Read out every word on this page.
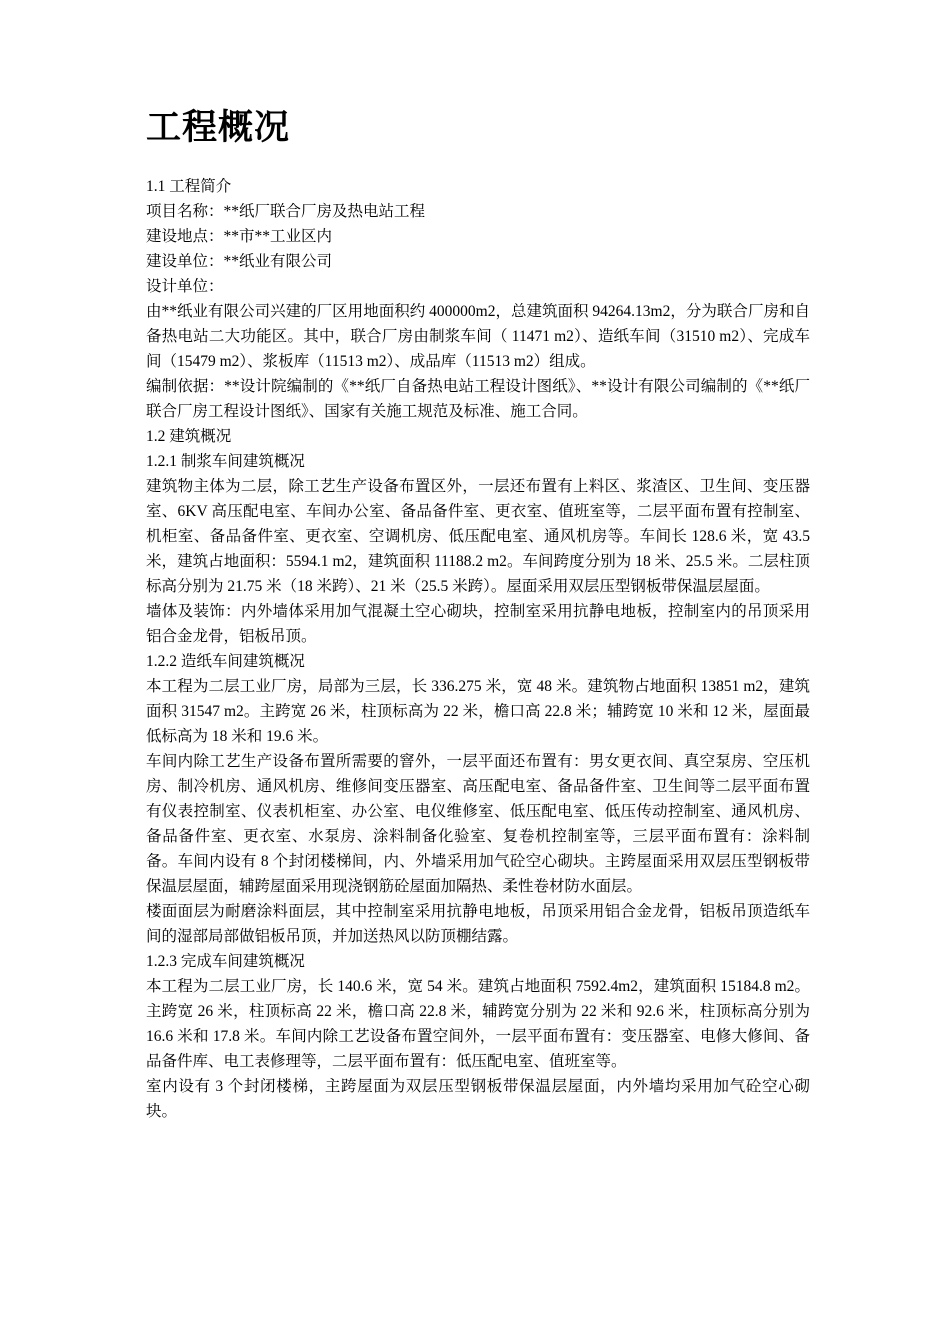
工程概况

1.1 工程简介

项目名称：**纸厂联合厂房及热电站工程

建设地点：**市**工业区内

建设单位：**纸业有限公司

设计单位：

由**纸业有限公司兴建的厂区用地面积约 400000m2，总建筑面积 94264.13m2，分为联合厂房和自备热电站二大功能区。其中，联合厂房由制浆车间（ 11471 m2）、造纸车间（31510 m2）、完成车间（15479 m2）、浆板库（11513 m2）、成品库（11513 m2）组成。

编制依据：**设计院编制的《**纸厂自备热电站工程设计图纸》、**设计有限公司编制的《**纸厂联合厂房工程设计图纸》、国家有关施工规范及标准、施工合同。

1.2 建筑概况

1.2.1 制浆车间建筑概况

建筑物主体为二层，除工艺生产设备布置区外，一层还布置有上料区、浆渣区、卫生间、变压器室、6KV 高压配电室、车间办公室、备品备件室、更衣室、值班室等，二层平面布置有控制室、机柜室、备品备件室、更衣室、空调机房、低压配电室、通风机房等。车间长 128.6 米，宽 43.5 米，建筑占地面积：5594.1 m2，建筑面积 11188.2 m2。车间跨度分别为 18 米、25.5 米。二层柱顶标高分别为 21.75 米（18 米跨）、21 米（25.5 米跨）。屋面采用双层压型钢板带保温层屋面。

墙体及装饰：内外墙体采用加气混凝土空心砌块，控制室采用抗静电地板，控制室内的吊顶采用铝合金龙骨，铝板吊顶。

1.2.2 造纸车间建筑概况

本工程为二层工业厂房，局部为三层，长 336.275 米，宽 48 米。建筑物占地面积 13851 m2，建筑面积 31547 m2。主跨宽 26 米，柱顶标高为 22 米，檐口高 22.8 米；辅跨宽 10 米和 12 米，屋面最低标高为 18 米和 19.6 米。

车间内除工艺生产设备布置所需要的窨外，一层平面还布置有：男女更衣间、真空泵房、空压机房、制冷机房、通风机房、维修间变压器室、高压配电室、备品备件室、卫生间等二层平面布置有仪表控制室、仪表机柜室、办公室、电仪维修室、低压配电室、低压传动控制室、通风机房、备品备件室、更衣室、水泵房、涂料制备化验室、复卷机控制室等，三层平面布置有：涂料制备。车间内设有 8 个封闭楼梯间，内、外墙采用加气砼空心砌块。主跨屋面采用双层压型钢板带保温层屋面，辅跨屋面采用现浇钢筋砼屋面加隔热、柔性卷材防水面层。

楼面面层为耐磨涂料面层，其中控制室采用抗静电地板，吊顶采用铝合金龙骨，铝板吊顶造纸车间的湿部局部做铝板吊顶，并加送热风以防顶棚结露。

1.2.3 完成车间建筑概况

本工程为二层工业厂房，长 140.6 米，宽 54 米。建筑占地面积 7592.4m2，建筑面积 15184.8 m2。主跨宽 26 米，柱顶标高 22 米，檐口高 22.8 米，辅跨宽分别为 22 米和 92.6 米，柱顶标高分别为 16.6 米和 17.8 米。车间内除工艺设备布置空间外，一层平面布置有：变压器室、电修大修间、备品备件库、电工表修理等，二层平面布置有：低压配电室、值班室等。

室内设有 3 个封闭楼梯，主跨屋面为双层压型钢板带保温层屋面，内外墙均采用加气砼空心砌块。
